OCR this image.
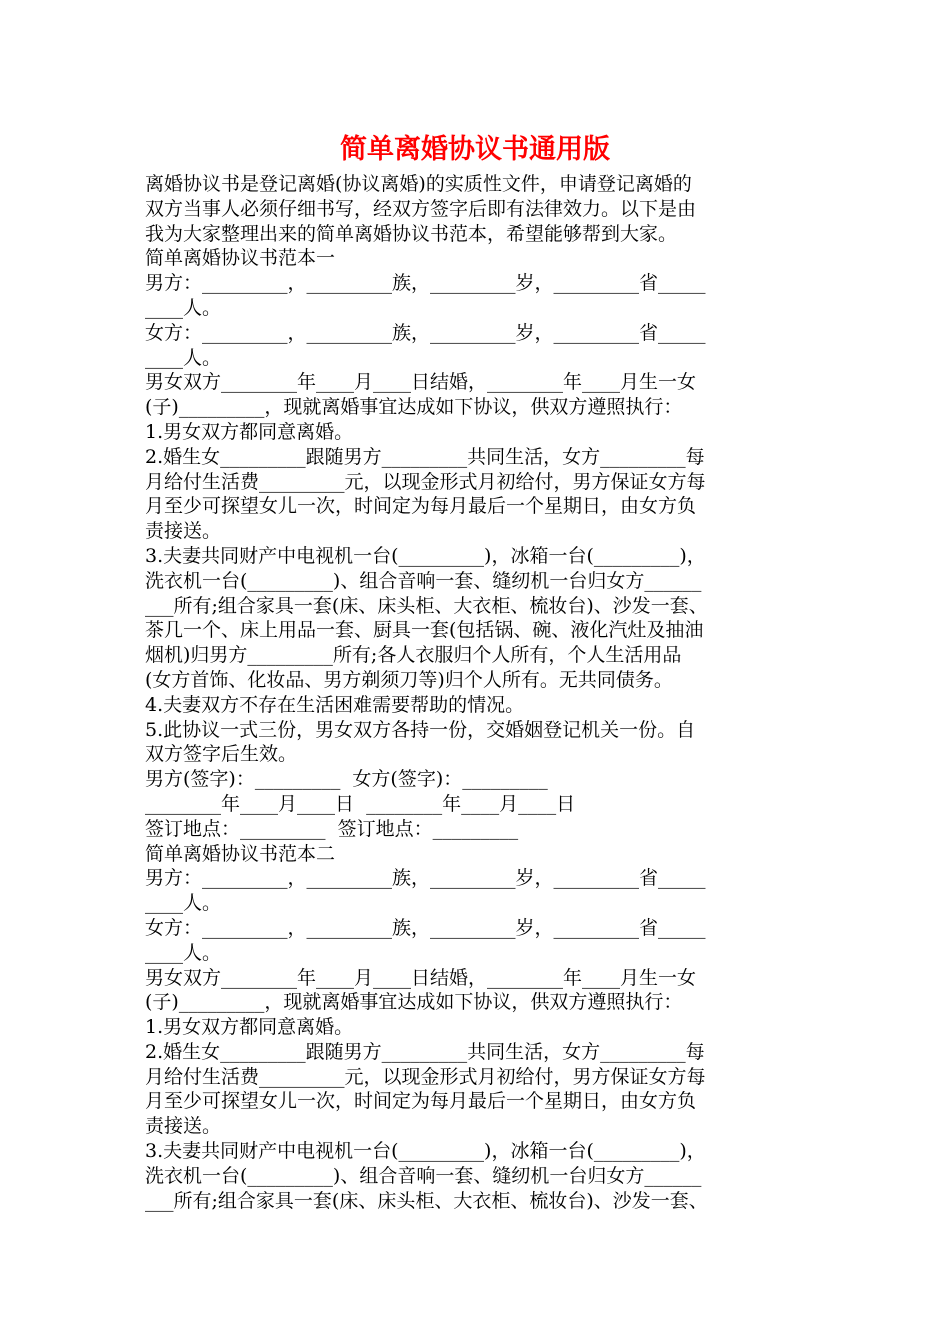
简单离婚协议书通用版
离婚协议书是登记离婚(协议离婚)的实质性文件，申请登记离婚的
双方当事人必须仔细书写，经双方签字后即有法律效力。以下是由
我为大家整理出来的简单离婚协议书范本，希望能够帮到大家。
简单离婚协议书范本一
男方：_________，_________族，_________岁，_________省_____
____人。
女方：_________，_________族，_________岁，_________省_____
____人。
男女双方________年____月____日结婚，________年____月生一女
(子)_________，现就离婚事宜达成如下协议，供双方遵照执行：
1.男女双方都同意离婚。
2.婚生女_________跟随男方_________共同生活，女方_________每
月给付生活费_________元，以现金形式月初给付，男方保证女方每
月至少可探望女儿一次，时间定为每月最后一个星期日，由女方负
责接送。
3.夫妻共同财产中电视机一台(_________)，冰箱一台(_________)，
洗衣机一台(_________)、组合音响一套、缝纫机一台归女方______
___所有;组合家具一套(床、床头柜、大衣柜、梳妆台)、沙发一套、
茶几一个、床上用品一套、厨具一套(包括锅、碗、液化汽灶及抽油
烟机)归男方_________所有;各人衣服归个人所有，个人生活用品
(女方首饰、化妆品、男方剃须刀等)归个人所有。无共同债务。
4.夫妻双方不存在生活困难需要帮助的情况。
5.此协议一式三份，男女双方各持一份，交婚姻登记机关一份。自
双方签字后生效。
男方(签字)：_________  女方(签字)：_________
________年____月____日  ________年____月____日
签订地点：_________  签订地点：_________
简单离婚协议书范本二
男方：_________，_________族，_________岁，_________省_____
____人。
女方：_________，_________族，_________岁，_________省_____
____人。
男女双方________年____月____日结婚，________年____月生一女
(子)_________，现就离婚事宜达成如下协议，供双方遵照执行：
1.男女双方都同意离婚。
2.婚生女_________跟随男方_________共同生活，女方_________每
月给付生活费_________元，以现金形式月初给付，男方保证女方每
月至少可探望女儿一次，时间定为每月最后一个星期日，由女方负
责接送。
3.夫妻共同财产中电视机一台(_________)，冰箱一台(_________)，
洗衣机一台(_________)、组合音响一套、缝纫机一台归女方______
___所有;组合家具一套(床、床头柜、大衣柜、梳妆台)、沙发一套、
